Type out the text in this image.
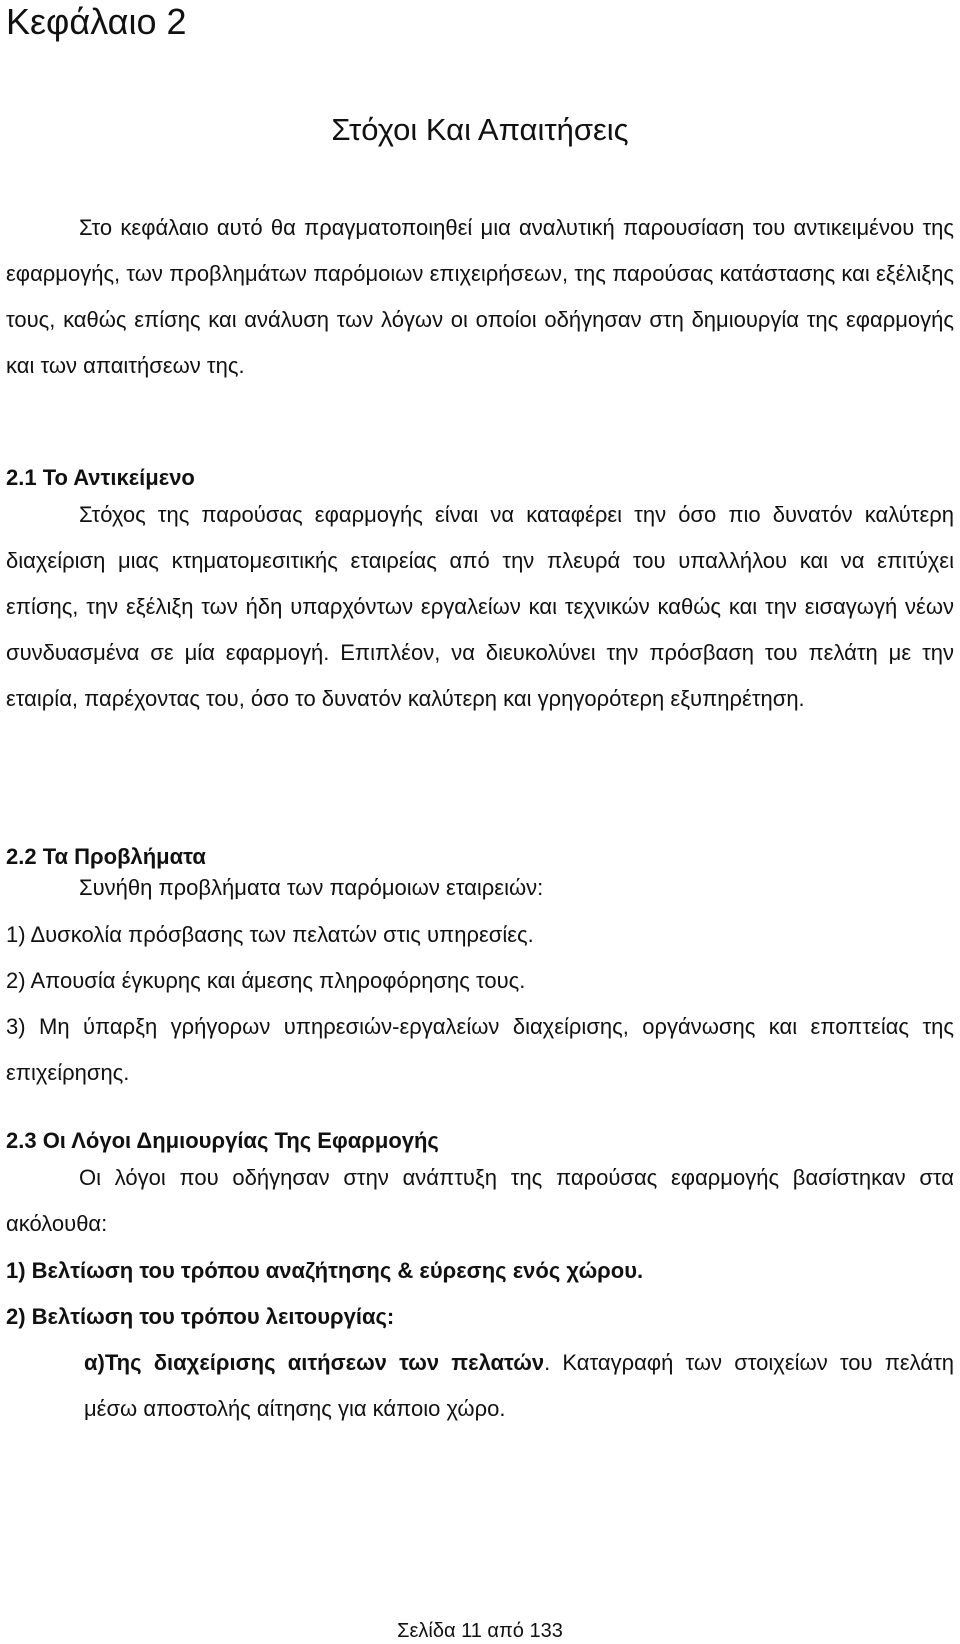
Κεφάλαιο 2
Στόχοι Και Απαιτήσεις
Στο κεφάλαιο αυτό θα πραγματοποιηθεί μια αναλυτική παρουσίαση του αντικειμένου της εφαρμογής, των προβλημάτων παρόμοιων επιχειρήσεων, της παρούσας κατάστασης και εξέλιξης τους, καθώς επίσης και ανάλυση των λόγων οι οποίοι οδήγησαν στη δημιουργία της εφαρμογής και των απαιτήσεων της.
2.1 Το Αντικείμενο
Στόχος της παρούσας εφαρμογής είναι να καταφέρει την όσο πιο δυνατόν καλύτερη διαχείριση μιας κτηματομεσιτικής εταιρείας από την πλευρά του υπαλλήλου και να επιτύχει επίσης, την εξέλιξη των ήδη υπαρχόντων εργαλείων και τεχνικών καθώς και την εισαγωγή νέων συνδυασμένα σε μία εφαρμογή. Επιπλέον, να διευκολύνει την πρόσβαση του πελάτη με την εταιρία, παρέχοντας του, όσο το δυνατόν καλύτερη και γρηγορότερη εξυπηρέτηση.
2.2 Τα Προβλήματα
Συνήθη προβλήματα των παρόμοιων εταιρειών:
1) Δυσκολία πρόσβασης των πελατών στις υπηρεσίες.
2) Απουσία έγκυρης και άμεσης πληροφόρησης τους.
3) Μη ύπαρξη γρήγορων υπηρεσιών-εργαλείων διαχείρισης, οργάνωσης και εποπτείας της επιχείρησης.
2.3 Οι Λόγοι Δημιουργίας Της Εφαρμογής
Οι λόγοι που οδήγησαν στην ανάπτυξη της παρούσας εφαρμογής βασίστηκαν στα ακόλουθα:
1) Βελτίωση του τρόπου αναζήτησης & εύρεσης ενός χώρου.
2) Βελτίωση του τρόπου λειτουργίας:
α)Της διαχείρισης αιτήσεων των πελατών. Καταγραφή των στοιχείων του πελάτη μέσω αποστολής αίτησης για κάποιο χώρο.
Σελίδα 11 από 133
